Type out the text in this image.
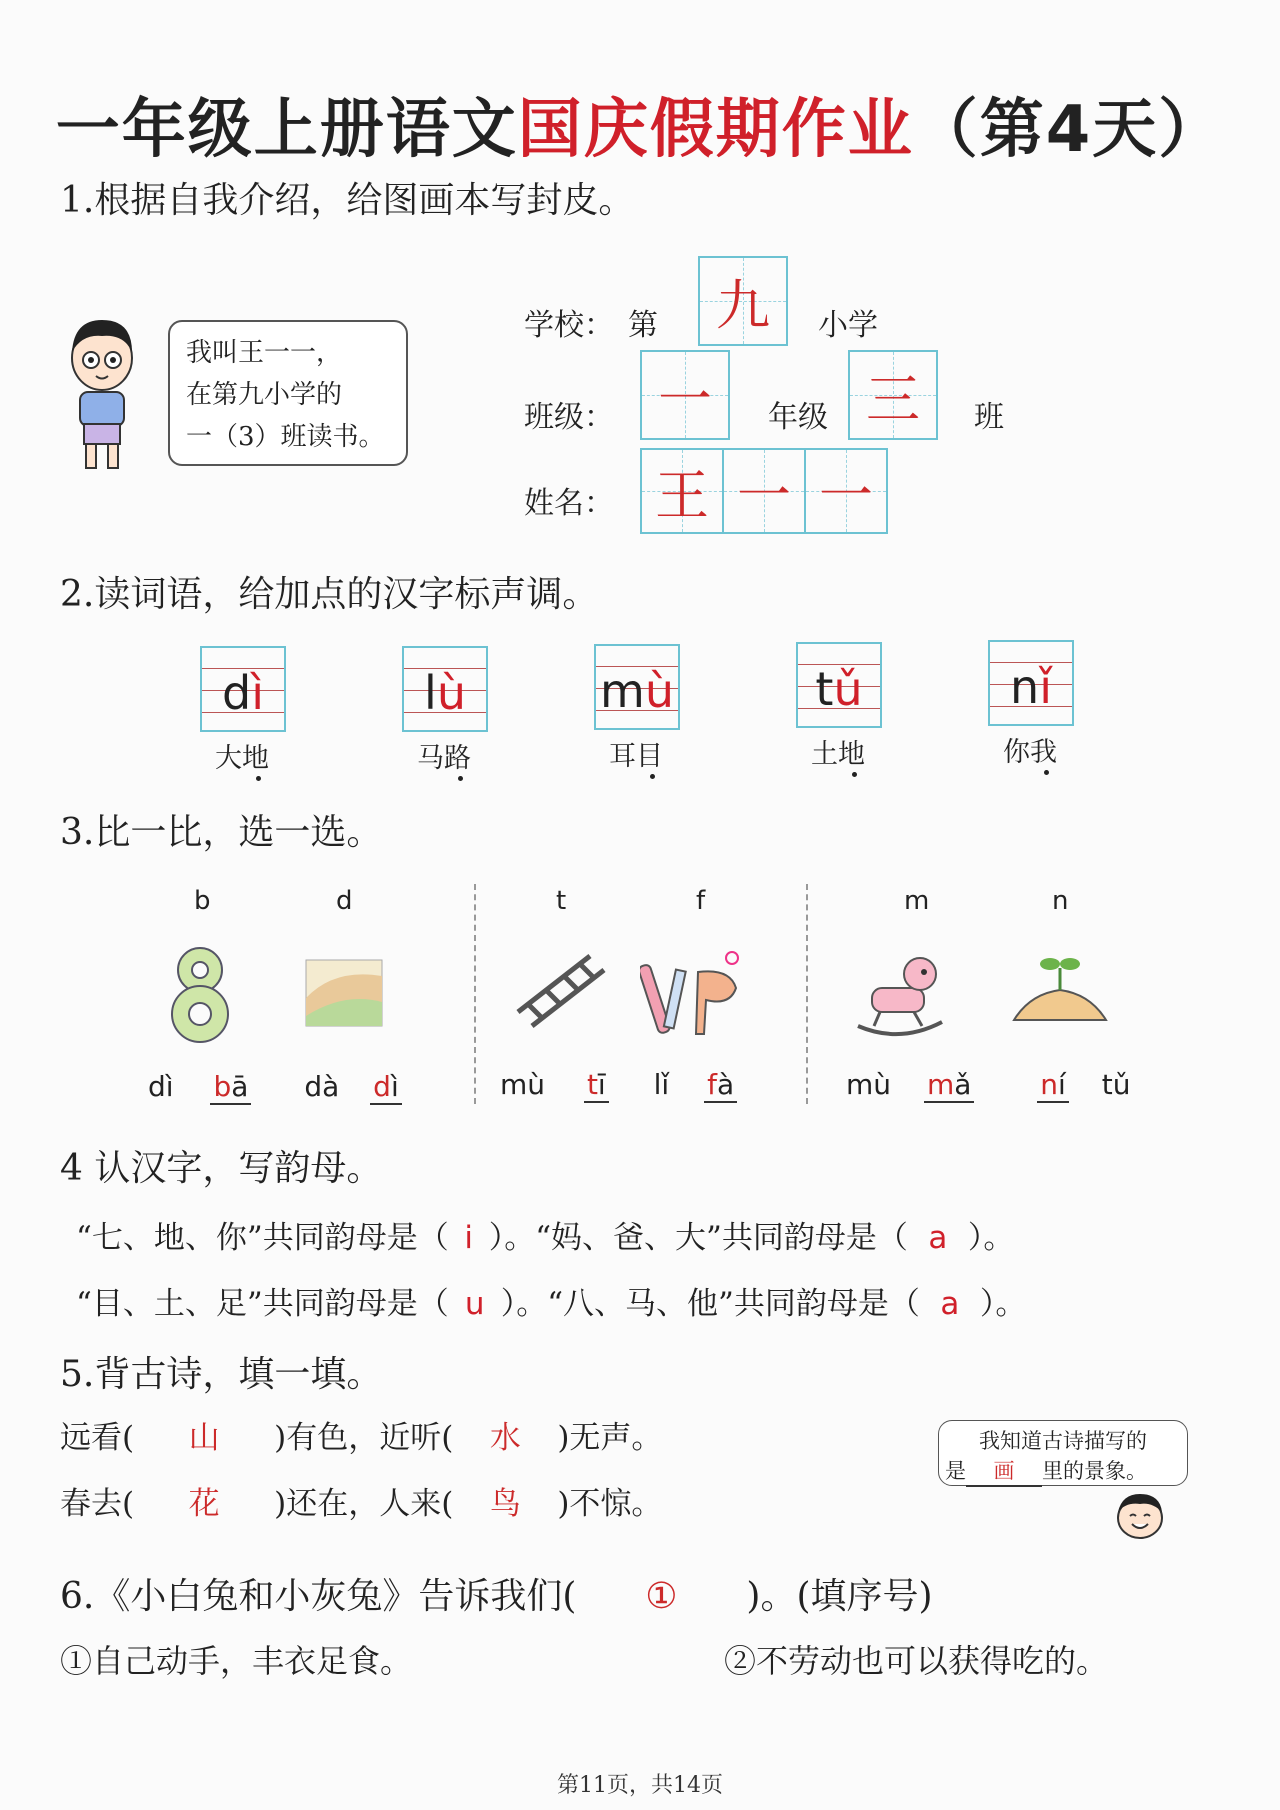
一年级上册语文国庆假期作业（第4天）
1.根据自我介绍，给图画本写封皮。
我叫王一一，
在第九小学的
一（3）班读书。
学校： 第 九 小学
班级： 一 年级 三 班
姓名： 王 一 一
2.读词语，给加点的汉字标声调。
dì
大地
lù
马路
mù
耳目
tǔ
土地
nǐ
你我
3.比一比，选一选。
b	d	t	f	m	n
dì bā dà dì	mù tī lǐ fà	mù mǎ ní tǔ
4 认汉字，写韵母。
“七、地、你”共同韵母是（ i ）。“妈、爸、大”共同韵母是（ a ）。
“目、土、足”共同韵母是（ u ）。“八、马、他”共同韵母是（ a ）。
5.背古诗，填一填。
远看( 山 )有色，近听( 水 )无声。
春去( 花 )还在，人来( 鸟 )不惊。
我知道古诗描写的
是 画 里的景象。
6.《小白兔和小灰兔》告诉我们( ① )。(填序号)
①自己动手，丰衣足食。	②不劳动也可以获得吃的。
第11页，共14页
